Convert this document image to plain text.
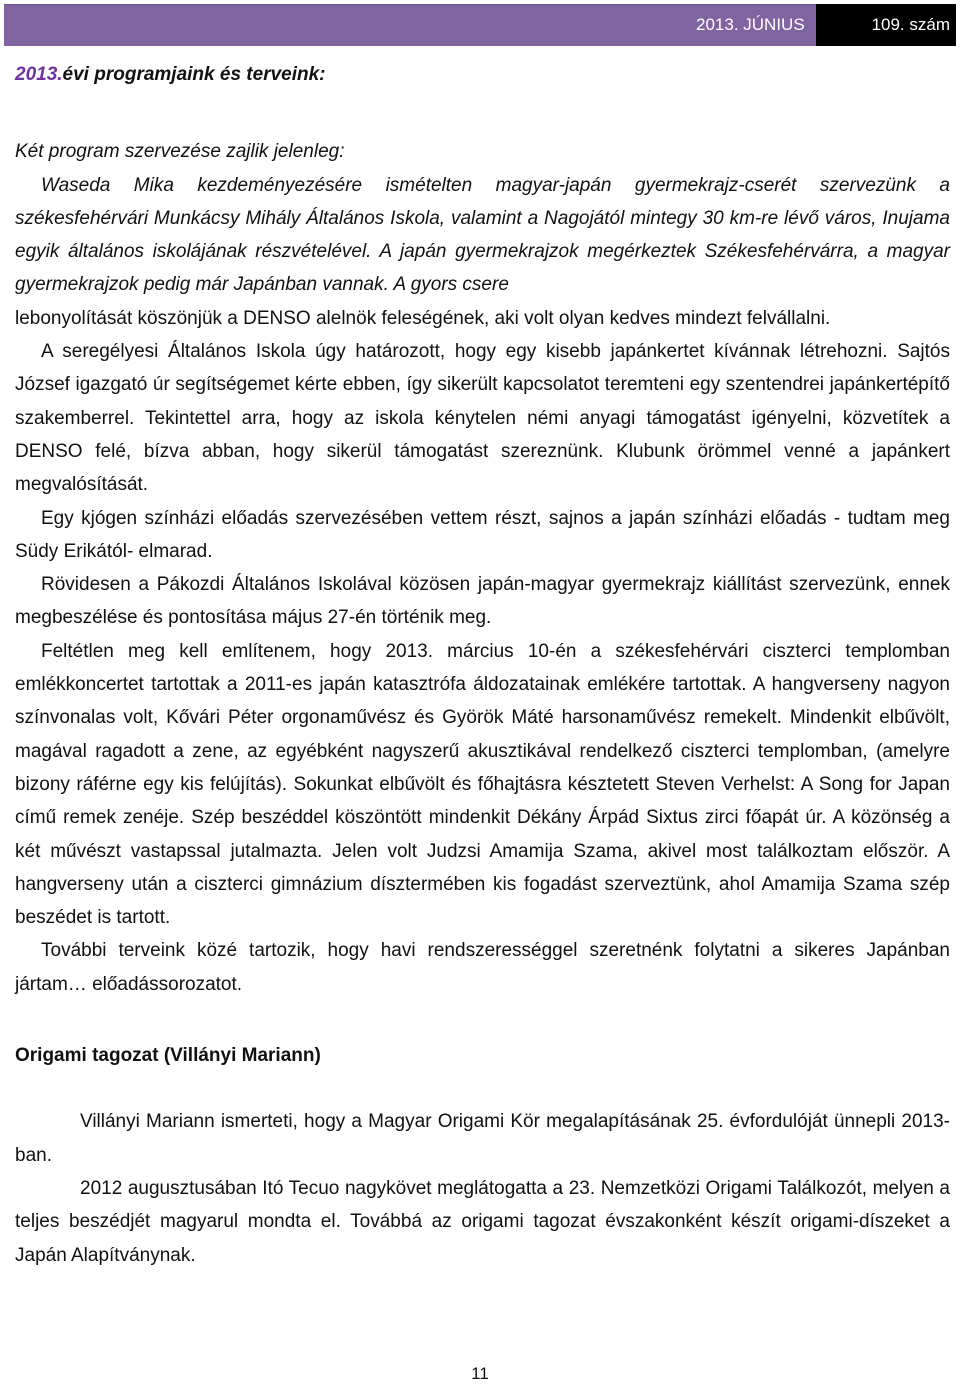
2013. JÚNIUS	109. szám
2013.évi programjaink és terveink:
Két program szervezése zajlik jelenleg:
Waseda Mika kezdeményezésére ismételten magyar-japán gyermekrajz-cserét szervezünk a székesfehérvári Munkácsy Mihály Általános Iskola, valamint a Nagojától mintegy 30 km-re lévő város, Inujama egyik általános iskolájának részvételével. A japán gyermekrajzok megérkeztek Székesfehérvárra, a magyar gyermekrajzok pedig már Japánban vannak. A gyors csere
lebonyolítását köszönjük a DENSO alelnök feleségének, aki volt olyan kedves mindezt felvállalni.
A seregélyesi Általános Iskola úgy határozott, hogy egy kisebb japánkertet kívánnak létrehozni. Sajtós József igazgató úr segítségemet kérte ebben, így sikerült kapcsolatot teremteni egy szentendrei japánkertépítő szakemberrel. Tekintettel arra, hogy az iskola kénytelen némi anyagi támogatást igényelni, közvetítek a DENSO felé, bízva abban, hogy sikerül támogatást szereznünk. Klubunk örömmel venné a japánkert megvalósítását.
Egy kjógen színházi előadás szervezésében vettem részt, sajnos a japán színházi előadás - tudtam meg Südy Erikától- elmarad.
Rövidesen a Pákozdi Általános Iskolával közösen japán-magyar gyermekrajz kiállítást szervezünk, ennek megbeszélése és pontosítása május 27-én történik meg.
Feltétlen meg kell említenem, hogy 2013. március 10-én a székesfehérvári ciszterci templomban emlékkoncertet tartottak a 2011-es japán katasztrófa áldozatainak emlékére tartottak. A hangverseny nagyon színvonalas volt, Kővári Péter orgonaművész és Györök Máté harsonaművész remekelt. Mindenkit elbűvölt, magával ragadott a zene, az egyébként nagyszerű akusztikával rendelkező ciszterci templomban, (amelyre bizony ráférne egy kis felújítás). Sokunkat elbűvölt és főhajtásra késztetett Steven Verhelst: A Song for Japan című remek zenéje. Szép beszéddel köszöntött mindenkit Dékány Árpád Sixtus zirci főapát úr. A közönség a két művészt vastapssal jutalmazta. Jelen volt Judzsi Amamija Szama, akivel most találkoztam először. A hangverseny után a ciszterci gimnázium dísztermében kis fogadást szerveztünk, ahol Amamija Szama szép beszédet is tartott.
További terveink közé tartozik, hogy havi rendszerességgel szeretnénk folytatni a sikeres Japánban jártam… előadássorozatot.
Origami tagozat (Villányi Mariann)
Villányi Mariann ismerteti, hogy a Magyar Origami Kör megalapításának 25. évfordulóját ünnepli 2013-ban.
2012 augusztusában Itó Tecuo nagykövet meglátogatta a 23. Nemzetközi Origami Találkozót, melyen a teljes beszédjét magyarul mondta el. Továbbá az origami tagozat évszakonként készít origami-díszeket a Japán Alapítványnak.
11
